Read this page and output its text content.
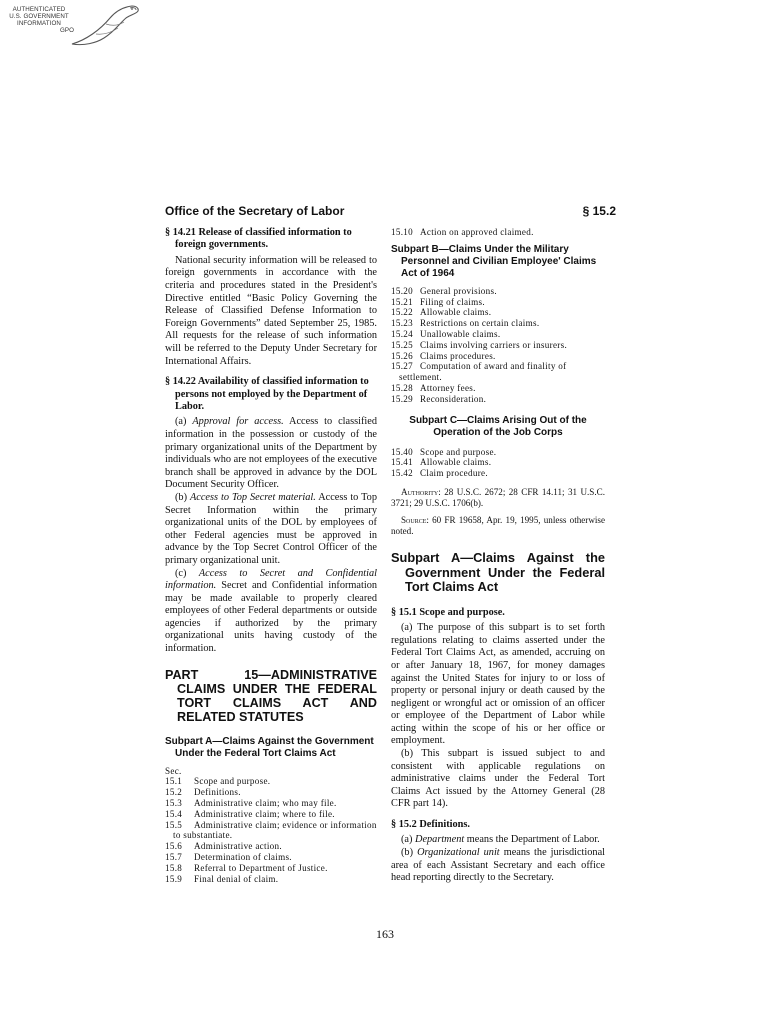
AUTHENTICATED
U.S. GOVERNMENT
INFORMATION

GPO
Office of the Secretary of Labor	§ 15.2
§ 14.21 Release of classified information to foreign governments.

National security information will be released to foreign governments in accordance with the criteria and procedures stated in the President's Directive entitled “Basic Policy Governing the Release of Classified Defense Information to Foreign Governments” dated September 25, 1985. All requests for the release of such information will be referred to the Deputy Under Secretary for International Affairs.

§ 14.22 Availability of classified information to persons not employed by the Department of Labor.

(a) Approval for access. Access to classified information in the possession or custody of the primary organizational units of the Department by individuals who are not employees of the executive branch shall be approved in advance by the DOL Document Security Officer.

(b) Access to Top Secret material. Access to Top Secret Information within the primary organizational units of the DOL by employees of other Federal agencies must be approved in advance by the Top Secret Control Officer of the primary organizational unit.

(c) Access to Secret and Confidential information. Secret and Confidential information may be made available to properly cleared employees of other Federal departments or outside agencies if authorized by the primary organizational units having custody of the information.

PART 15—ADMINISTRATIVE CLAIMS UNDER THE FEDERAL TORT CLAIMS ACT AND RELATED STATUTES
Subpart A—Claims Against the Government Under the Federal Tort Claims Act
Sec.
15.1 Scope and purpose.
15.2 Definitions.
15.3 Administrative claim; who may file.
15.4 Administrative claim; where to file.
15.5 Administrative claim; evidence or information to substantiate.
15.6 Administrative action.
15.7 Determination of claims.
15.8 Referral to Department of Justice.
15.9 Final denial of claim.
15.10 Action on approved claimed.
Subpart B—Claims Under the Military Personnel and Civilian Employee' Claims Act of 1964
15.20 General provisions.
15.21 Filing of claims.
15.22 Allowable claims.
15.23 Restrictions on certain claims.
15.24 Unallowable claims.
15.25 Claims involving carriers or insurers.
15.26 Claims procedures.
15.27 Computation of award and finality of settlement.
15.28 Attorney fees.
15.29 Reconsideration.
Subpart C—Claims Arising Out of the Operation of the Job Corps
15.40 Scope and purpose.
15.41 Allowable claims.
15.42 Claim procedure.

Authority: 28 U.S.C. 2672; 28 CFR 14.11; 31 U.S.C. 3721; 29 U.S.C. 1706(b).

Source: 60 FR 19658, Apr. 19, 1995, unless otherwise noted.

Subpart A—Claims Against the Government Under the Federal Tort Claims Act
§ 15.1 Scope and purpose.

(a) The purpose of this subpart is to set forth regulations relating to claims asserted under the Federal Tort Claims Act, as amended, accruing on or after January 18, 1967, for money damages against the United States for injury to or loss of property or personal injury or death caused by the negligent or wrongful act or omission of an officer or employee of the Department of Labor while acting within the scope of his or her office or employment.

(b) This subpart is issued subject to and consistent with applicable regulations on administrative claims under the Federal Tort Claims Act issued by the Attorney General (28 CFR part 14).

§ 15.2 Definitions.

(a) Department means the Department of Labor.

(b) Organizational unit means the jurisdictional area of each Assistant Secretary and each office head reporting directly to the Secretary.

163
